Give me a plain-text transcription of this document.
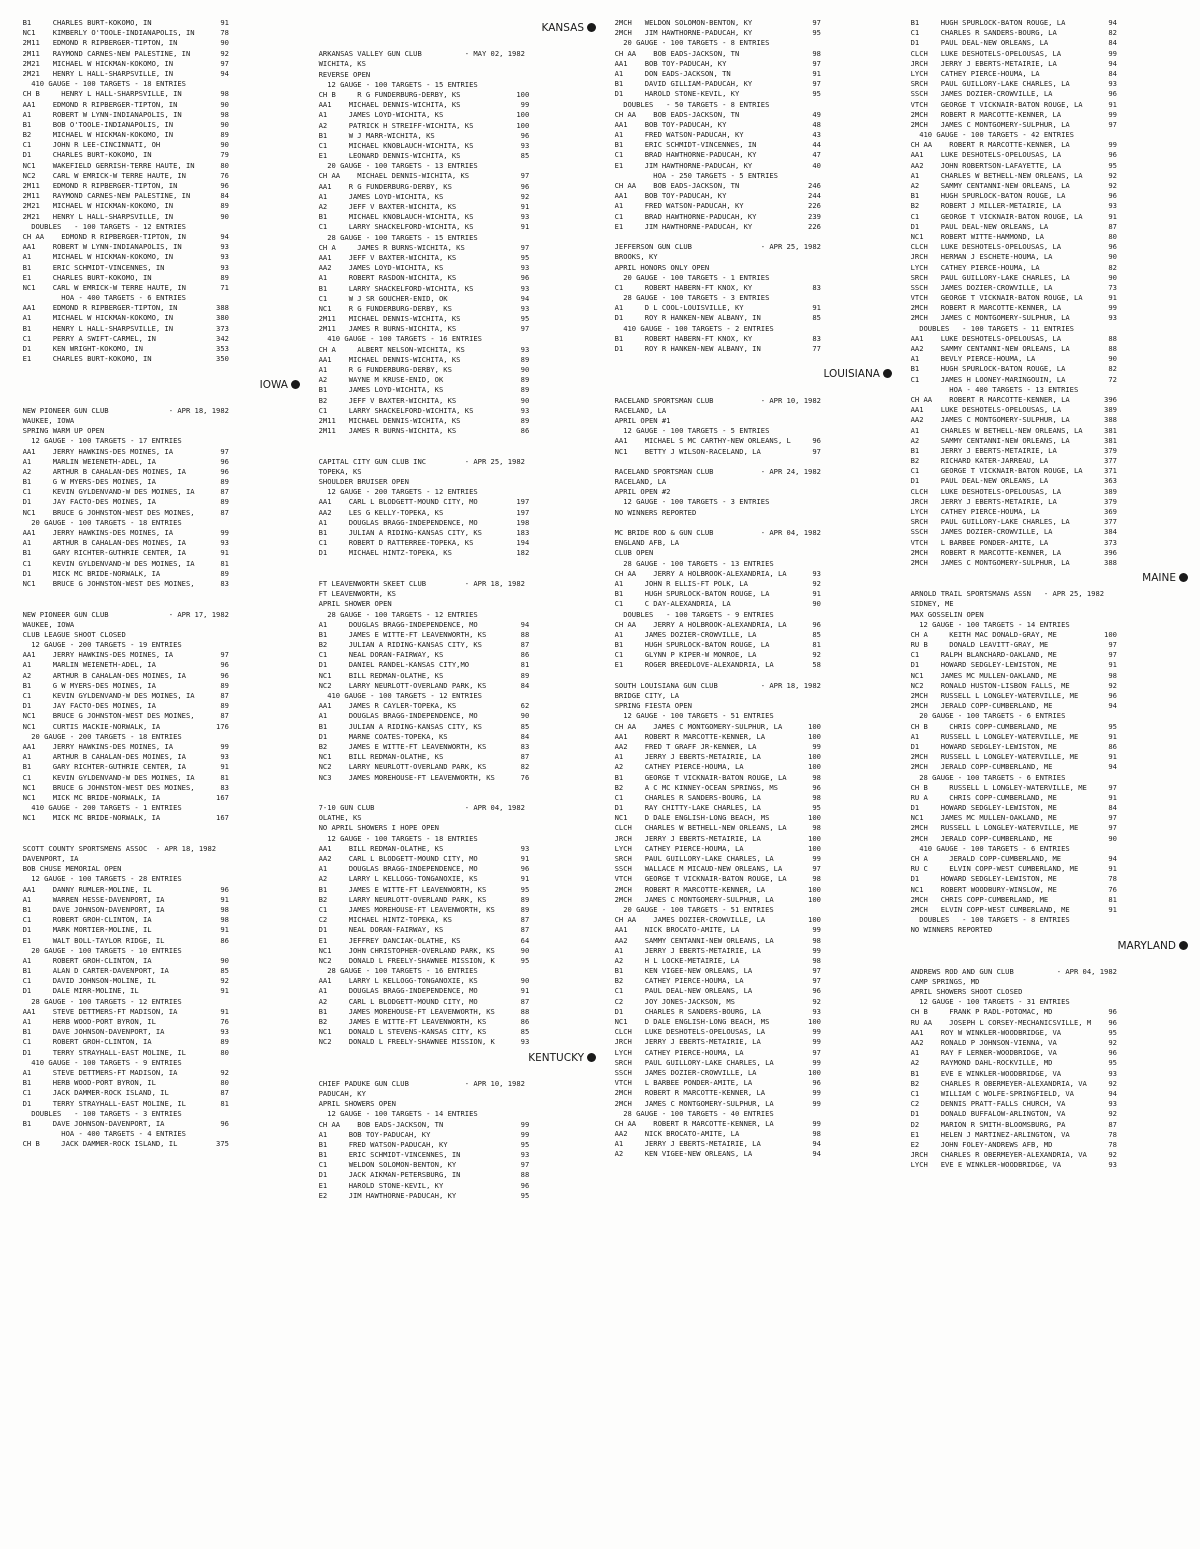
B1     CHARLES BURT-KOKOMO, IN                91
NC1    KIMBERLY O'TOOLE-INDIANAPOLIS, IN      78
2M11   EDMOND R RIPBERGER-TIPTON, IN          90
2M11   RAYMOND CARNES-NEW PALESTINE, IN       92
2M21   MICHAEL W HICKMAN-KOKOMO, IN           97
2M21   HENRY L HALL-SHARPSVILLE, IN           94
410 GAUGE - 100 TARGETS - 18 ENTRIES
CH B     HENRY L HALL-SHARPSVILLE, IN         98
AA1    EDMOND R RIPBERGER-TIPTON, IN          90
A1     ROBERT W LYNN-INDIANAPOLIS, IN         98
B1     BOB O'TOOLE-INDIANAPOLIS, IN           90
B2     MICHAEL W HICKMAN-KOKOMO, IN           89
C1     JOHN R LEE-CINCINNATI, OH              90
D1     CHARLES BURT-KOKOMO, IN                79
NC1    WAKEFIELD GERRISH-TERRE HAUTE, IN      80
NC2    CARL W EMRICK-W TERRE HAUTE, IN        76
2M11   EDMOND R RIPBERGER-TIPTON, IN          96
2M11   RAYMOND CARNES-NEW PALESTINE, IN       84
2M21   MICHAEL W HICKMAN-KOKOMO, IN           89
2M21   HENRY L HALL-SHARPSVILLE, IN           90
DOUBLES   - 100 TARGETS - 12 ENTRIES
CH AA    EDMOND R RIPBERGER-TIPTON, IN        94
AA1    ROBERT W LYNN-INDIANAPOLIS, IN         93
A1     MICHAEL W HICKMAN-KOKOMO, IN           93
B1     ERIC SCHMIDT-VINCENNES, IN             93
E1     CHARLES BURT-KOKOMO, IN                89
NC1    CARL W EMRICK-W TERRE HAUTE, IN        71
HOA - 400 TARGETS - 6 ENTRIES
AA1    EDMOND R RIPBERGER-TIPTON, IN         388
A1     MICHAEL W HICKMAN-KOKOMO, IN          380
B1     HENRY L HALL-SHARPSVILLE, IN          373
C1     PERRY A SWIFT-CARMEL, IN              342
D1     KEN WRIGHT-KOKOMO, IN                 353
E1     CHARLES BURT-KOKOMO, IN               350
IOWA
NEW PIONEER GUN CLUB              - APR 18, 1982
WAUKEE, IOWA
SPRING WARM UP OPEN
12 GAUGE - 100 TARGETS - 17 ENTRIES
AA1    JERRY HAWKINS-DES MOINES, IA           97
A1     MARLIN WEIENETH-ADEL, IA               96
A2     ARTHUR B CAHALAN-DES MOINES, IA        96
B1     G W MYERS-DES MOINES, IA               89
C1     KEVIN GYLDENVAND-W DES MOINES, IA      87
D1     JAY FACTO-DES MOINES, IA               89
NC1    BRUCE G JOHNSTON-WEST DES MOINES,      87
20 GAUGE - 100 TARGETS - 18 ENTRIES
AA1    JERRY HAWKINS-DES MOINES, IA           99
A1     ARTHUR B CAHALAN-DES MOINES, IA        93
B1     GARY RICHTER-GUTHRIE CENTER, IA        91
C1     KEVIN GYLDENVAND-W DES MOINES, IA      81
D1     MICK MC BRIDE-NORWALK, IA              89
NC1    BRUCE G JOHNSTON-WEST DES MOINES,      83
NEW PIONEER GUN CLUB              - APR 17, 1982
WAUKEE, IOWA
CLUB LEAGUE SHOOT CLOSED
12 GAUGE - 200 TARGETS - 19 ENTRIES
AA1    JERRY HAWKINS-DES MOINES, IA           97
A1     MARLIN WEIENETH-ADEL, IA               96
A2     ARTHUR B CAHALAN-DES MOINES, IA        96
B1     G W MYERS-DES MOINES, IA               89
C1     KEVIN GYLDENVAND-W DES MOINES, IA      87
D1     JAY FACTO-DES MOINES, IA               89
NC1    BRUCE G JOHNSTON-WEST DES MOINES,      87
NC1    CURTIS MACKIE-NORWALK, IA             176
20 GAUGE - 200 TARGETS - 18 ENTRIES
AA1    JERRY HAWKINS-DES MOINES, IA           99
A1     ARTHUR B CAHALAN-DES MOINES, IA        93
B1     GARY RICHTER-GUTHRIE CENTER, IA        91
C1     KEVIN GYLDENVAND-W DES MOINES, IA      81
NC1    BRUCE G JOHNSTON-WEST DES MOINES,      83
NC1    MICK MC BRIDE-NORWALK, IA             167
410 GAUGE - 200 TARGETS - 1 ENTRIES
NC1    MICK MC BRIDE-NORWALK, IA             167
SCOTT COUNTY SPORTSMENS ASSOC  - APR 18, 1982
DAVENPORT, IA
BOB CHUSE MEMORIAL OPEN
12 GAUGE - 100 TARGETS - 28 ENTRIES
AA1    DANNY RUMLER-MOLINE, IL                96
A1     WARREN HESSE-DAVENPORT, IA             91
B1     DAVE JOHNSON-DAVENPORT, IA             98
C1     ROBERT GROH-CLINTON, IA                98
D1     MARK MORTIER-MOLINE, IL                91
E1     WALT BOLL-TAYLOR RIDGE, IL             86
20 GAUGE - 100 TARGETS - 10 ENTRIES
A1     ROBERT GROH-CLINTON, IA                90
B1     ALAN D CARTER-DAVENPORT, IA            85
C1     DAVID JOHNSON-MOLINE, IL               92
D1     DALE MIRR-MOLINE, IL                   91
28 GAUGE - 100 TARGETS - 12 ENTRIES
AA1    STEVE DETTMERS-FT MADISON, IA          91
A1     HERB WOOD-PORT BYRON, IL               76
B1     DAVE JOHNSON-DAVENPORT, IA             93
C1     ROBERT GROH-CLINTON, IA                89
D1     TERRY STRAYHALL-EAST MOLINE, IL        80
410 GAUGE - 100 TARGETS - 9 ENTRIES
A1     STEVE DETTMERS-FT MADISON, IA          92
B1     HERB WOOD-PORT BYRON, IL               80
C1     JACK DAMMER-ROCK ISLAND, IL            87
D1     TERRY STRAYHALL-EAST MOLINE, IL        81
DOUBLES   - 100 TARGETS - 3 ENTRIES
B1     DAVE JOHNSON-DAVENPORT, IA             96
HOA - 400 TARGETS - 4 ENTRIES
CH B     JACK DAMMER-ROCK ISLAND, IL         375
KANSAS
ARKANSAS VALLEY GUN CLUB          - MAY 02, 1982
WICHITA, KS
REVERSE OPEN
12 GAUGE - 100 TARGETS - 15 ENTRIES
CH B     R G FUNDERBURG-DERBY, KS             100
AA1    MICHAEL DENNIS-WICHITA, KS              99
A1     JAMES LOYD-WICHITA, KS                 100
A2     PATRICK H STREIFF-WICHITA, KS          100
B1     W J MARR-WICHITA, KS                    96
C1     MICHAEL KNOBLAUCH-WICHITA, KS           93
E1     LEONARD DENNIS-WICHITA, KS              85
20 GAUGE - 100 TARGETS - 13 ENTRIES
CH AA    MICHAEL DENNIS-WICHITA, KS            97
AA1    R G FUNDERBURG-DERBY, KS                96
A1     JAMES LOYD-WICHITA, KS                  92
A2     JEFF V BAXTER-WICHITA, KS               91
B1     MICHAEL KNOBLAUCH-WICHITA, KS           93
C1     LARRY SHACKELFORD-WICHITA, KS           91
28 GAUGE - 100 TARGETS - 15 ENTRIES
CH A     JAMES R BURNS-WICHITA, KS             97
AA1    JEFF V BAXTER-WICHITA, KS               95
AA2    JAMES LOYD-WICHITA, KS                  93
A1     ROBERT RASDON-WICHITA, KS               96
B1     LARRY SHACKELFORD-WICHITA, KS           93
C1     W J SR GOUCHER-ENID, OK                 94
NC1    R G FUNDERBURG-DERBY, KS                93
2M11   MICHAEL DENNIS-WICHITA, KS              95
2M11   JAMES R BURNS-WICHITA, KS               97
410 GAUGE - 100 TARGETS - 16 ENTRIES
CH A     ALBERT NELSON-WICHITA, KS             93
AA1    MICHAEL DENNIS-WICHITA, KS              89
A1     R G FUNDERBURG-DERBY, KS                90
A2     WAYNE M KRUSE-ENID, OK                  89
B1     JAMES LOYD-WICHITA, KS                  89
B2     JEFF V BAXTER-WICHITA, KS               90
C1     LARRY SHACKELFORD-WICHITA, KS           93
2M11   MICHAEL DENNIS-WICHITA, KS              89
2M11   JAMES R BURNS-WICHITA, KS               86
CAPITAL CITY GUN CLUB INC         - APR 25, 1982
TOPEKA, KS
SHOULDER BRUISER OPEN
12 GAUGE - 200 TARGETS - 12 ENTRIES
AA1    CARL L BLODGETT-MOUND CITY, MO         197
AA2    LES G KELLY-TOPEKA, KS                 197
A1     DOUGLAS BRAGG-INDEPENDENCE, MO         198
B1     JULIAN A RIDING-KANSAS CITY, KS        183
C1     ROBERT D RATTERREE-TOPEKA, KS          194
D1     MICHAEL HINTZ-TOPEKA, KS               182
FT LEAVENWORTH SKEET CLUB         - APR 18, 1982
FT LEAVENWORTH, KS
APRIL SHOWER OPEN
28 GAUGE - 100 TARGETS - 12 ENTRIES
A1     DOUGLAS BRAGG-INDEPENDENCE, MO          94
B1     JAMES E WITTE-FT LEAVENWORTH, KS        88
B2     JULIAN A RIDING-KANSAS CITY, KS         87
C1     NEAL DORAN-FAIRWAY, KS                  86
D1     DANIEL RANDEL-KANSAS CITY,MO            81
NC1    BILL REDMAN-OLATHE, KS                  89
NC2    LARRY NEURLOTT-OVERLAND PARK, KS        84
410 GAUGE - 100 TARGETS - 12 ENTRIES
AA1    JAMES R CAYLER-TOPEKA, KS               62
A1     DOUGLAS BRAGG-INDEPENDENCE, MO          90
B1     JULIAN A RIDING-KANSAS CITY, KS         85
D1     MARNE COATES-TOPEKA, KS                 84
B2     JAMES E WITTE-FT LEAVENWORTH, KS        83
NC1    BILL REDMAN-OLATHE, KS                  87
NC2    LARRY NEURLOTT-OVERLAND PARK, KS        82
NC3    JAMES MOREHOUSE-FT LEAVENWORTH, KS      76
7-10 GUN CLUB                     - APR 04, 1982
OLATHE, KS
NO APRIL SHOWERS I HOPE OPEN
12 GAUGE - 100 TARGETS - 18 ENTRIES
AA1    BILL REDMAN-OLATHE, KS                  93
AA2    CARL L BLODGETT-MOUND CITY, MO          91
A1     DOUGLAS BRAGG-INDEPENDENCE, MO          96
A2     LARRY L KELLOGG-TONGANOXIE, KS          91
B1     JAMES E WITTE-FT LEAVENWORTH, KS        95
B2     LARRY NEURLOTT-OVERLAND PARK, KS        89
C1     JAMES MOREHOUSE-FT LEAVENWORTH, KS      89
C2     MICHAEL HINTZ-TOPEKA, KS                87
D1     NEAL DORAN-FAIRWAY, KS                  87
E1     JEFFREY DANCIAK-OLATHE, KS              64
NC1    JOHN CHRISTOPHER-OVERLAND PARK, KS      90
NC2    DONALD L FREELY-SHAWNEE MISSION, K      95
28 GAUGE - 100 TARGETS - 16 ENTRIES
AA1    LARRY L KELLOGG-TONGANOXIE, KS          90
A1     DOUGLAS BRAGG-INDEPENDENCE, MO          91
A2     CARL L BLODGETT-MOUND CITY, MO          87
B1     JAMES MOREHOUSE-FT LEAVENWORTH, KS      88
B2     JAMES E WITTE-FT LEAVENWORTH, KS        86
NC1    DONALD L STEVENS-KANSAS CITY, KS        85
NC2    DONALD L FREELY-SHAWNEE MISSION, K      93
KENTUCKY
CHIEF PADUKE GUN CLUB             - APR 10, 1982
PADUCAH, KY
APRIL SHOWERS OPEN
12 GAUGE - 100 TARGETS - 14 ENTRIES
CH AA    BOB EADS-JACKSON, TN                  99
A1     BOB TOY-PADUCAH, KY                     99
B1     FRED WATSON-PADUCAH, KY                 95
B1     ERIC SCHMIDT-VINCENNES, IN              93
C1     WELDON SOLOMON-BENTON, KY               97
D1     JACK AIKMAN-PETERSBURG, IN              88
E1     HAROLD STONE-KEVIL, KY                  96
E2     JIM HAWTHORNE-PADUCAH, KY               95
2MCH   WELDON SOLOMON-BENTON, KY              97
2MCH   JIM HAWTHORNE-PADUCAH, KY              95
20 GAUGE - 100 TARGETS - 8 ENTRIES
CH AA    BOB EADS-JACKSON, TN                 98
AA1    BOB TOY-PADUCAH, KY                    97
A1     DON EADS-JACKSON, TN                   91
B1     DAVID GILLIAM-PADUCAH, KY              97
D1     HAROLD STONE-KEVIL, KY                 95
DOUBLES   - 50 TARGETS - 8 ENTRIES
CH AA    BOB EADS-JACKSON, TN                 49
AA1    BOB TOY-PADUCAH, KY                    48
A1     FRED WATSON-PADUCAH, KY                43
B1     ERIC SCHMIDT-VINCENNES, IN             44
C1     BRAD HAWTHORNE-PADUCAH, KY             47
E1     JIM HAWTHORNE-PADUCAH, KY              40
HOA - 250 TARGETS - 5 ENTRIES
CH AA    BOB EADS-JACKSON, TN                246
AA1    BOB TOY-PADUCAH, KY                   244
A1     FRED WATSON-PADUCAH, KY               226
C1     BRAD HAWTHORNE-PADUCAH, KY            239
E1     JIM HAWTHORNE-PADUCAH, KY             226
JEFFERSON GUN CLUB                - APR 25, 1982
BROOKS, KY
APRIL HONORS ONLY OPEN
20 GAUGE - 100 TARGETS - 1 ENTRIES
C1     ROBERT HABERN-FT KNOX, KY              83
28 GAUGE - 100 TARGETS - 3 ENTRIES
A1     D L COOL-LOUISVILLE, KY                91
D1     ROY R HANKEN-NEW ALBANY, IN            85
410 GAUGE - 100 TARGETS - 2 ENTRIES
B1     ROBERT HABERN-FT KNOX, KY              83
D1     ROY R HANKEN-NEW ALBANY, IN            77
LOUISIANA
RACELAND SPORTSMAN CLUB           - APR 10, 1982
RACELAND, LA
APRIL OPEN #1
12 GAUGE - 100 TARGETS - 5 ENTRIES
AA1    MICHAEL S MC CARTHY-NEW ORLEANS, L     96
NC1    BETTY J WILSON-RACELAND, LA            97
RACELAND SPORTSMAN CLUB           - APR 24, 1982
RACELAND, LA
APRIL OPEN #2
12 GAUGE - 100 TARGETS - 3 ENTRIES
NO WINNERS REPORTED
MC BRIDE ROD & GUN CLUB           - APR 04, 1982
ENGLAND AFB, LA
CLUB OPEN
28 GAUGE - 100 TARGETS - 13 ENTRIES
CH AA    JERRY A HOLBROOK-ALEXANDRIA, LA      93
A1     JOHN R ELLIS-FT POLK, LA               92
B1     HUGH SPURLOCK-BATON ROUGE, LA          91
C1     C DAY-ALEXANDRIA, LA                   90
DOUBLES   - 100 TARGETS - 9 ENTRIES
CH AA    JERRY A HOLBROOK-ALEXANDRIA, LA      96
A1     JAMES DOZIER-CROWVILLE, LA             85
B1     HUGH SPURLOCK-BATON ROUGE, LA          81
C1     GLYNN P KIPER-W MONROE, LA             92
E1     ROGER BREEDLOVE-ALEXANDRIA, LA         58
SOUTH LOUISIANA GUN CLUB          - APR 18, 1982
BRIDGE CITY, LA
SPRING FIESTA OPEN
12 GAUGE - 100 TARGETS - 51 ENTRIES
CH AA    JAMES C MONTGOMERY-SULPHUR, LA      100
AA1    ROBERT R MARCOTTE-KENNER, LA          100
AA2    FRED T GRAFF JR-KENNER, LA             99
A1     JERRY J EBERTS-METAIRIE, LA           100
A2     CATHEY PIERCE-HOUMA, LA               100
B1     GEORGE T VICKNAIR-BATON ROUGE, LA      98
B2     A C MC KINNEY-OCEAN SPRINGS, MS        96
C1     CHARLES R SANDERS-BOURG, LA            98
D1     RAY CHITTY-LAKE CHARLES, LA            95
NC1    D DALE ENGLISH-LONG BEACH, MS         100
CLCH   CHARLES W BETHELL-NEW ORLEANS, LA      98
JRCH   JERRY J EBERTS-METAIRIE, LA           100
LYCH   CATHEY PIERCE-HOUMA, LA               100
SRCH   PAUL GUILLORY-LAKE CHARLES, LA         99
SSCH   WALLACE M MICAUD-NEW ORLEANS, LA       97
VTCH   GEORGE T VICKNAIR-BATON ROUGE, LA      98
2MCH   ROBERT R MARCOTTE-KENNER, LA          100
2MCH   JAMES C MONTGOMERY-SULPHUR, LA        100
20 GAUGE - 100 TARGETS - 51 ENTRIES
CH AA    JAMES DOZIER-CROWVILLE, LA          100
AA1    NICK BROCATO-AMITE, LA                 99
AA2    SAMMY CENTANNI-NEW ORLEANS, LA         98
A1     JERRY J EBERTS-METAIRIE, LA            99
A2     H L LOCKE-METAIRIE, LA                 98
B1     KEN VIGEE-NEW ORLEANS, LA              97
B2     CATHEY PIERCE-HOUMA, LA                97
C1     PAUL DEAL-NEW ORLEANS, LA              96
C2     JOY JONES-JACKSON, MS                  92
D1     CHARLES R SANDERS-BOURG, LA            93
NC1    D DALE ENGLISH-LONG BEACH, MS         100
CLCH   LUKE DESHOTELS-OPELOUSAS, LA           99
JRCH   JERRY J EBERTS-METAIRIE, LA            99
LYCH   CATHEY PIERCE-HOUMA, LA                97
SRCH   PAUL GUILLORY-LAKE CHARLES, LA         99
SSCH   JAMES DOZIER-CROWVILLE, LA            100
VTCH   L BARBEE PONDER-AMITE, LA              96
2MCH   ROBERT R MARCOTTE-KENNER, LA           99
2MCH   JAMES C MONTGOMERY-SULPHUR, LA         99
28 GAUGE - 100 TARGETS - 40 ENTRIES
CH AA    ROBERT R MARCOTTE-KENNER, LA         99
AA2    NICK BROCATO-AMITE, LA                 98
A1     JERRY J EBERTS-METAIRIE, LA            94
A2     KEN VIGEE-NEW ORLEANS, LA              94
B1     HUGH SPURLOCK-BATON ROUGE, LA          94
C1     CHARLES R SANDERS-BOURG, LA            82
D1     PAUL DEAL-NEW ORLEANS, LA              84
CLCH   LUKE DESHOTELS-OPELOUSAS, LA           99
JRCH   JERRY J EBERTS-METAIRIE, LA            94
LYCH   CATHEY PIERCE-HOUMA, LA                84
SRCH   PAUL GUILLORY-LAKE CHARLES, LA         93
SSCH   JAMES DOZIER-CROWVILLE, LA             96
VTCH   GEORGE T VICKNAIR-BATON ROUGE, LA      91
2MCH   ROBERT R MARCOTTE-KENNER, LA           99
2MCH   JAMES C MONTGOMERY-SULPHUR, LA         97
410 GAUGE - 100 TARGETS - 42 ENTRIES
CH AA    ROBERT R MARCOTTE-KENNER, LA         99
AA1    LUKE DESHOTELS-OPELOUSAS, LA           96
AA2    JOHN ROBERTSON-LAFAYETTE, LA           95
A1     CHARLES W BETHELL-NEW ORLEANS, LA      92
A2     SAMMY CENTANNI-NEW ORLEANS, LA         92
B1     HUGH SPURLOCK-BATON ROUGE, LA          96
B2     ROBERT J MILLER-METAIRIE, LA           93
C1     GEORGE T VICKNAIR-BATON ROUGE, LA      91
D1     PAUL DEAL-NEW ORLEANS, LA              87
NC1    ROBERT WITTE-HAMMOND, LA               80
CLCH   LUKE DESHOTELS-OPELOUSAS, LA           96
JRCH   HERMAN J ESCHETE-HOUMA, LA             90
LYCH   CATHEY PIERCE-HOUMA, LA                82
SRCH   PAUL GUILLORY-LAKE CHARLES, LA         90
SSCH   JAMES DOZIER-CROWVILLE, LA             73
VTCH   GEORGE T VICKNAIR-BATON ROUGE, LA      91
2MCH   ROBERT R MARCOTTE-KENNER, LA           99
2MCH   JAMES C MONTGOMERY-SULPHUR, LA         93
DOUBLES   - 100 TARGETS - 11 ENTRIES
AA1    LUKE DESHOTELS-OPELOUSAS, LA           88
AA2    SAMMY CENTANNI-NEW ORLEANS, LA         88
A1     BEVLY PIERCE-HOUMA, LA                 90
B1     HUGH SPURLOCK-BATON ROUGE, LA          82
C1     JAMES H LOONEY-MARINGOUIN, LA          72
HOA - 400 TARGETS - 13 ENTRIES
CH AA    ROBERT R MARCOTTE-KENNER, LA        396
AA1    LUKE DESHOTELS-OPELOUSAS, LA          389
AA2    JAMES C MONTGOMERY-SULPHUR, LA        388
A1     CHARLES W BETHELL-NEW ORLEANS, LA     381
A2     SAMMY CENTANNI-NEW ORLEANS, LA        381
B1     JERRY J EBERTS-METAIRIE, LA           379
B2     RICHARD KATER-JARREAU, LA             377
C1     GEORGE T VICKNAIR-BATON ROUGE, LA     371
D1     PAUL DEAL-NEW ORLEANS, LA             363
CLCH   LUKE DESHOTELS-OPELOUSAS, LA          389
JRCH   JERRY J EBERTS-METAIRIE, LA           379
LYCH   CATHEY PIERCE-HOUMA, LA               369
SRCH   PAUL GUILLORY-LAKE CHARLES, LA        377
SSCH   JAMES DOZIER-CROWVILLE, LA            384
VTCH   L BARBEE PONDER-AMITE, LA             373
2MCH   ROBERT R MARCOTTE-KENNER, LA          396
2MCH   JAMES C MONTGOMERY-SULPHUR, LA        388
MAINE
ARNOLD TRAIL SPORTSMANS ASSN   - APR 25, 1982
SIDNEY, ME
MAX GOSSELIN OPEN
12 GAUGE - 100 TARGETS - 14 ENTRIES
CH A     KEITH MAC DONALD-GRAY, ME           100
RU B     DONALD LEAVITT-GRAY, ME              97
C1     RALPH BLANCHARD-OAKLAND, ME            97
D1     HOWARD SEDGLEY-LEWISTON, ME            91
NC1    JAMES MC MULLEN-OAKLAND, ME            98
NC2    RONALD HUSTON-LISBON FALLS, ME         92
2MCH   RUSSELL L LONGLEY-WATERVILLE, ME       96
2MCH   JERALD COPP-CUMBERLAND, ME             94
20 GAUGE - 100 TARGETS - 6 ENTRIES
CH B     CHRIS COPP-CUMBERLAND, ME            95
A1     RUSSELL L LONGLEY-WATERVILLE, ME       91
D1     HOWARD SEDGLEY-LEWISTON, ME            86
2MCH   RUSSELL L LONGLEY-WATERVILLE, ME       91
2MCH   JERALD COPP-CUMBERLAND, ME             94
28 GAUGE - 100 TARGETS - 6 ENTRIES
CH B     RUSSELL L LONGLEY-WATERVILLE, ME     97
RU A     CHRIS COPP-CUMBERLAND, ME            91
D1     HOWARD SEDGLEY-LEWISTON, ME            84
NC1    JAMES MC MULLEN-OAKLAND, ME            97
2MCH   RUSSELL L LONGLEY-WATERVILLE, ME       97
2MCH   JERALD COPP-CUMBERLAND, ME             90
410 GAUGE - 100 TARGETS - 6 ENTRIES
CH A     JERALD COPP-CUMBERLAND, ME           94
RU C     ELVIN COPP-WEST CUMBERLAND, ME       91
D1     HOWARD SEDGLEY-LEWISTON, ME            78
NC1    ROBERT WOODBURY-WINSLOW, ME            76
2MCH   CHRIS COPP-CUMBERLAND, ME              81
2MCH   ELVIN COPP-WEST CUMBERLAND, ME         91
DOUBLES   - 100 TARGETS - 8 ENTRIES
NO WINNERS REPORTED
MARYLAND
ANDREWS ROD AND GUN CLUB          - APR 04, 1982
CAMP SPRINGS, MD
APRIL SHOWERS SHOOT CLOSED
12 GAUGE - 100 TARGETS - 31 ENTRIES
CH B     FRANK P RADL-POTOMAC, MD             96
RU AA    JOSEPH L CORSEY-MECHANICSVILLE, M    96
AA1    ROY W WINKLER-WOODBRIDGE, VA           95
AA2    RONALD P JOHNSON-VIENNA, VA            92
A1     RAY F LERNER-WOODBRIDGE, VA            96
A2     RAYMOND DAHL-ROCKVILLE, MD             95
B1     EVE E WINKLER-WOODBRIDGE, VA           93
B2     CHARLES R OBERMEYER-ALEXANDRIA, VA     92
C1     WILLIAM C WOLFE-SPRINGFIELD, VA        94
C2     DENNIS PRATT-FALLS CHURCH, VA          93
D1     DONALD BUFFALOW-ARLINGTON, VA          92
D2     MARION R SMITH-BLOOMSBURG, PA          87
E1     HELEN J MARTINEZ-ARLINGTON, VA         78
E2     JOHN FOLEY-ANDREWS AFB, MD             78
JRCH   CHARLES R OBERMEYER-ALEXANDRIA, VA     92
LYCH   EVE E WINKLER-WOODBRIDGE, VA           93
